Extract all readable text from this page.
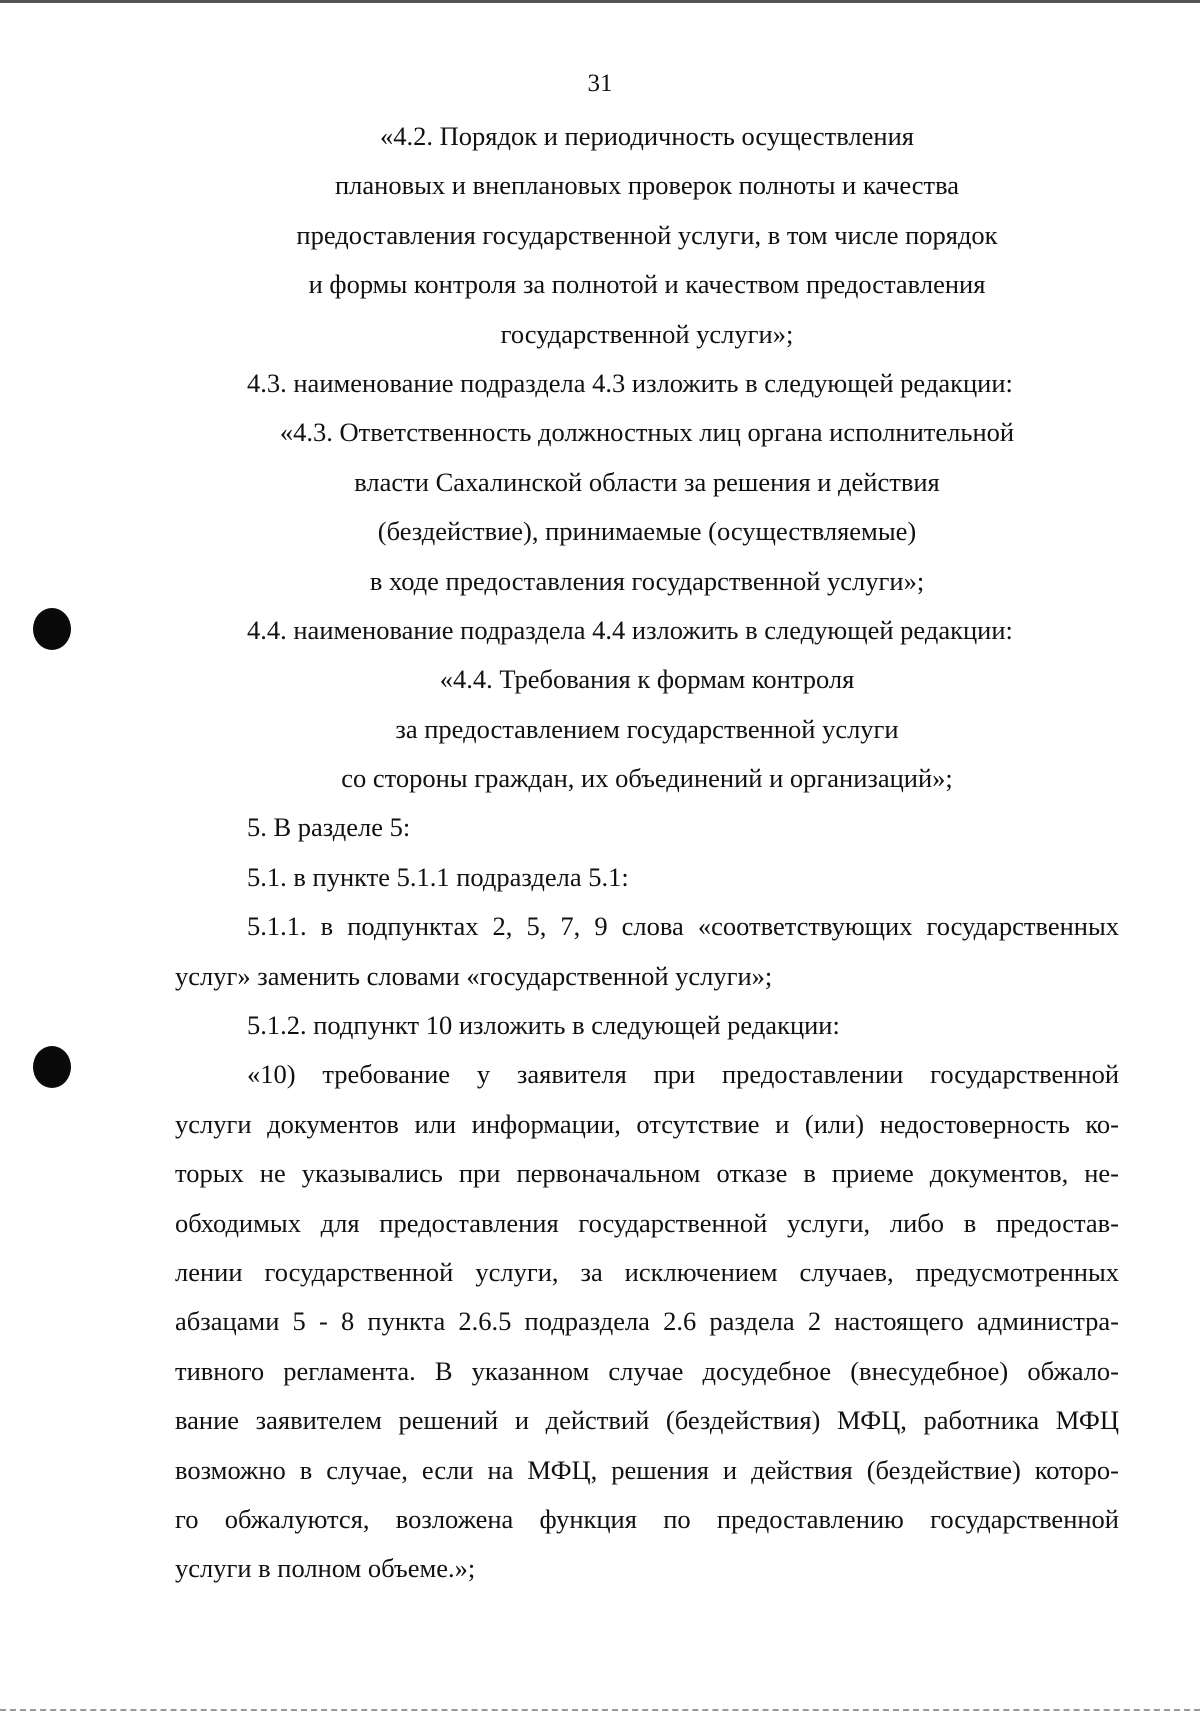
31
«4.2. Порядок и периодичность осуществления
плановых и внеплановых проверок полноты и качества
предоставления государственной услуги, в том числе порядок
и формы контроля за полнотой и качеством предоставления
государственной услуги»;
4.3. наименование подраздела 4.3 изложить в следующей редакции:
«4.3. Ответственность должностных лиц органа исполнительной
власти Сахалинской области за решения и действия
(бездействие), принимаемые (осуществляемые)
в ходе предоставления государственной услуги»;
4.4. наименование подраздела 4.4 изложить в следующей редакции:
«4.4. Требования к формам контроля
за предоставлением государственной услуги
со стороны граждан, их объединений и организаций»;
5. В разделе 5:
5.1. в пункте 5.1.1 подраздела 5.1:
5.1.1. в подпунктах 2, 5, 7, 9 слова «соответствующих государственных
услуг» заменить словами «государственной услуги»;
5.1.2. подпункт 10 изложить в следующей редакции:
«10) требование у заявителя при предоставлении государственной
услуги документов или информации, отсутствие и (или) недостоверность ко-
торых не указывались при первоначальном отказе в приеме документов, не-
обходимых для предоставления государственной услуги, либо в предостав-
лении государственной услуги, за исключением случаев, предусмотренных
абзацами 5 - 8 пункта 2.6.5 подраздела 2.6 раздела 2 настоящего администра-
тивного регламента. В указанном случае досудебное (внесудебное) обжало-
вание заявителем решений и действий (бездействия) МФЦ, работника МФЦ
возможно в случае, если на МФЦ, решения и действия (бездействие) которо-
го обжалуются, возложена функция по предоставлению государственной
услуги в полном объеме.»;
